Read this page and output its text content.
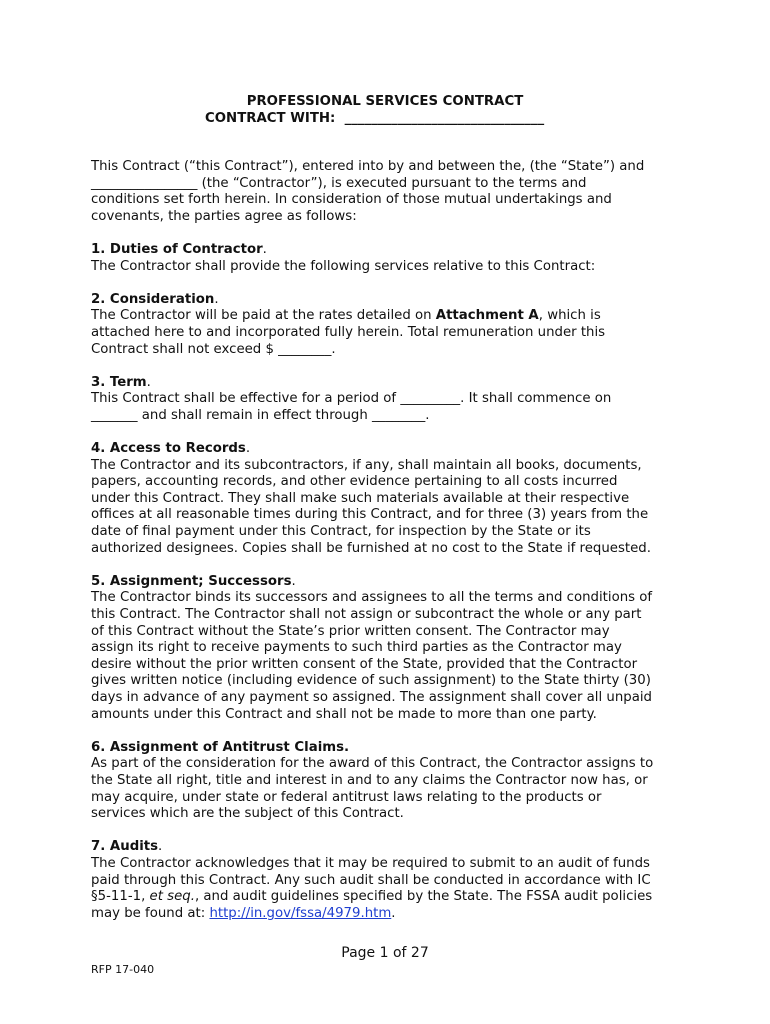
PROFESSIONAL SERVICES CONTRACT
CONTRACT WITH:  ______________________________

This Contract (“this Contract”), entered into by and between the, (the “State”) and

________________ (the “Contractor”), is executed pursuant to the terms and

conditions set forth herein. In consideration of those mutual undertakings and

covenants, the parties agree as follows:

1. Duties of Contractor.

The Contractor shall provide the following services relative to this Contract:

2. Consideration.

The Contractor will be paid at the rates detailed on Attachment A, which is

attached here to and incorporated fully herein. Total remuneration under this

Contract shall not exceed $ ________.

3. Term.

This Contract shall be effective for a period of _________. It shall commence on

_______ and shall remain in effect through ________.

4. Access to Records.

The Contractor and its subcontractors, if any, shall maintain all books, documents,

papers, accounting records, and other evidence pertaining to all costs incurred

under this Contract. They shall make such materials available at their respective

offices at all reasonable times during this Contract, and for three (3) years from the

date of final payment under this Contract, for inspection by the State or its

authorized designees. Copies shall be furnished at no cost to the State if requested.

5. Assignment; Successors.

The Contractor binds its successors and assignees to all the terms and conditions of

this Contract. The Contractor shall not assign or subcontract the whole or any part

of this Contract without the State’s prior written consent. The Contractor may

assign its right to receive payments to such third parties as the Contractor may

desire without the prior written consent of the State, provided that the Contractor

gives written notice (including evidence of such assignment) to the State thirty (30)

days in advance of any payment so assigned. The assignment shall cover all unpaid

amounts under this Contract and shall not be made to more than one party.

6. Assignment of Antitrust Claims.

As part of the consideration for the award of this Contract, the Contractor assigns to

the State all right, title and interest in and to any claims the Contractor now has, or

may acquire, under state or federal antitrust laws relating to the products or

services which are the subject of this Contract.

7. Audits.

The Contractor acknowledges that it may be required to submit to an audit of funds

paid through this Contract. Any such audit shall be conducted in accordance with IC

§5-11-1, et seq., and audit guidelines specified by the State. The FSSA audit policies

may be found at: http://in.gov/fssa/4979.htm.

Page 1 of 27
RFP 17-040
